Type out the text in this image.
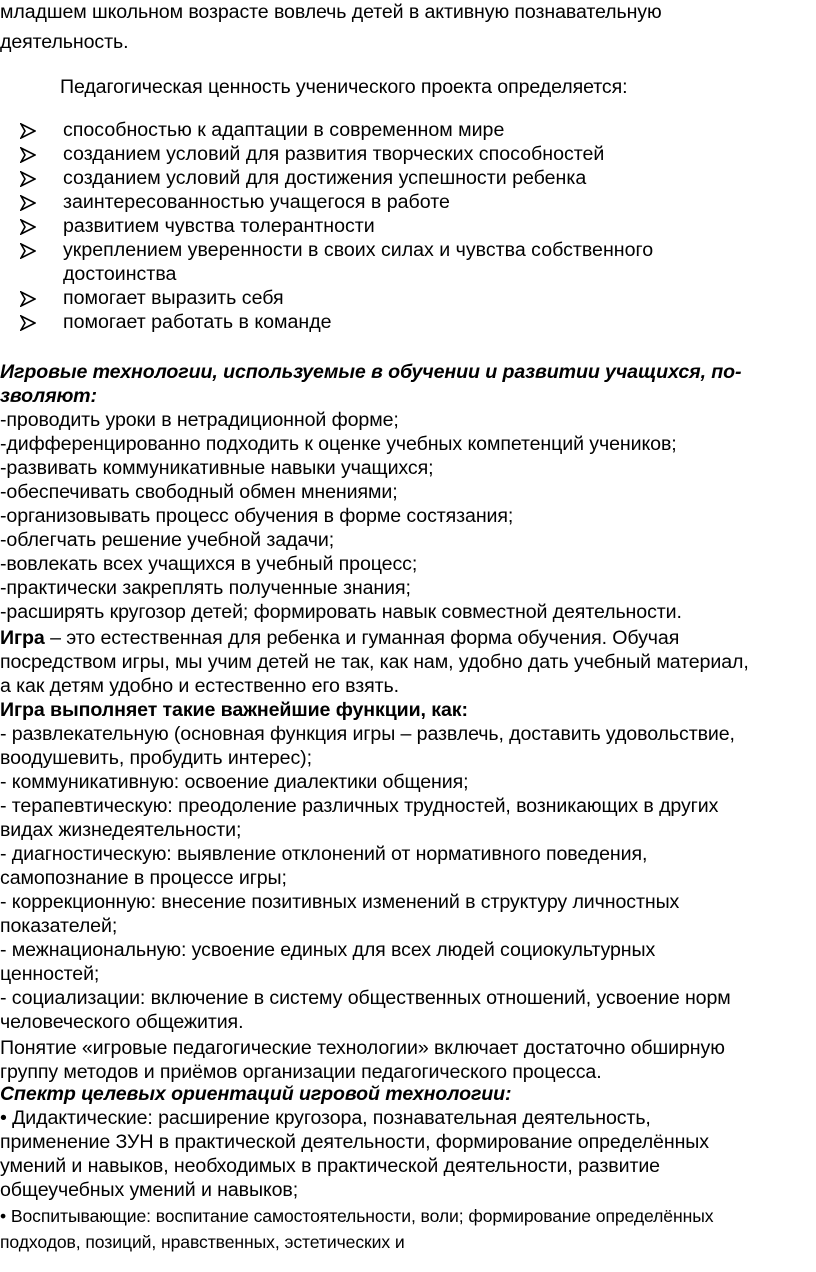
младшем школьном возрасте вовлечь детей в активную познавательную
деятельность.
Педагогическая ценность ученического проекта определяется:
способностью к адаптации в современном мире
созданием условий для развития творческих способностей
созданием условий для достижения успешности ребенка
заинтересованностью учащегося в работе
развитием чувства толерантности
укреплением уверенности в своих силах и чувства собственного
достоинства
помогает выразить себя
помогает работать в команде
Игровые технологии, используемые в обучении и развитии учащихся, по-
зволяют:
-проводить уроки в нетрадиционной форме;
-дифференцированно подходить к оценке учебных компетенций учеников;
-развивать коммуникативные навыки учащихся;
-обеспечивать свободный обмен мнениями;
-организовывать процесс обучения в форме состязания;
-облегчать решение учебной задачи;
-вовлекать всех учащихся в учебный процесс;
-практически закреплять полученные знания;
-расширять кругозор детей; формировать навык совместной деятельности.
Игра – это естественная для ребенка и гуманная форма обучения. Обучая
посредством игры, мы учим детей не так, как нам, удобно дать учебный материал,
а как детям удобно и естественно его взять.
Игра выполняет такие важнейшие функции, как:
- развлекательную (основная функция игры – развлечь, доставить удовольствие,
воодушевить, пробудить интерес);
- коммуникативную: освоение диалектики общения;
- терапевтическую: преодоление различных трудностей, возникающих в других
видах жизнедеятельности;
- диагностическую: выявление отклонений от нормативного поведения,
самопознание в процессе игры;
- коррекционную: внесение позитивных изменений в структуру личностных
показателей;
- межнациональную: усвоение единых для всех людей социокультурных
ценностей;
- социализации: включение в систему общественных отношений, усвоение норм
человеческого общежития.
Понятие «игровые педагогические технологии» включает достаточно обширную
группу методов и приёмов организации педагогического процесса.
Спектр целевых ориентаций игровой технологии:
• Дидактические: расширение кругозора, познавательная деятельность,
применение ЗУН в практической деятельности, формирование определённых
умений и навыков, необходимых в практической деятельности, развитие
общеучебных умений и навыков;
• Воспитывающие: воспитание самостоятельности, воли; формирование определённых
подходов, позиций, нравственных, эстетических и
